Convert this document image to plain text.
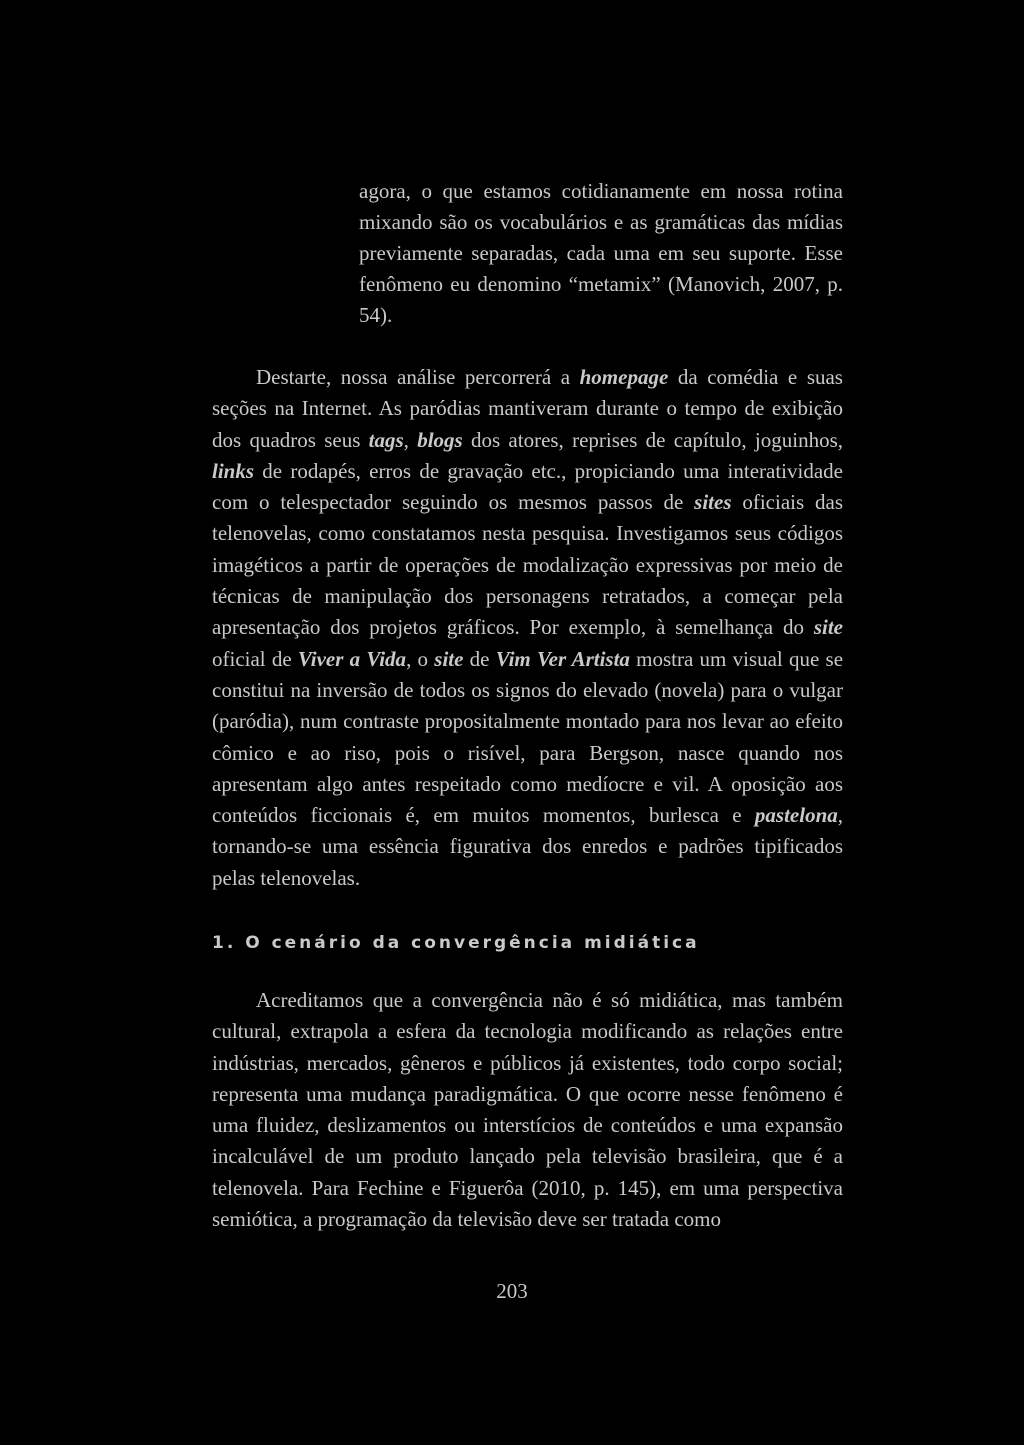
agora, o que estamos cotidianamente em nossa rotina mixando são os vocabulários e as gramáticas das mídias previamente separadas, cada uma em seu suporte. Esse fenômeno eu denomino “metamix” (Manovich, 2007, p. 54).

Destarte, nossa análise percorrerá a homepage da comédia e suas seções na Internet. As paródias mantiveram durante o tempo de exibição dos quadros seus tags, blogs dos atores, reprises de capítulo, joguinhos, links de rodapés, erros de gravação etc., propiciando uma interatividade com o telespectador seguindo os mesmos passos de sites oficiais das telenovelas, como constatamos nesta pesquisa. Investigamos seus códigos imagéticos a partir de operações de modalização expressivas por meio de técnicas de manipulação dos personagens retratados, a começar pela apresentação dos projetos gráficos. Por exemplo, à semelhança do site oficial de Viver a Vida, o site de Vim Ver Artista mostra um visual que se constitui na inversão de todos os signos do elevado (novela) para o vulgar (paródia), num contraste propositalmente montado para nos levar ao efeito cômico e ao riso, pois o risível, para Bergson, nasce quando nos apresentam algo antes respeitado como medíocre e vil. A oposição aos conteúdos ficcionais é, em muitos momentos, burlesca e pastelona, tornando-se uma essência figurativa dos enredos e padrões tipificados pelas telenovelas.

1. O cenário da convergência midiática

Acreditamos que a convergência não é só midiática, mas também cultural, extrapola a esfera da tecnologia modificando as relações entre indústrias, mercados, gêneros e públicos já existentes, todo corpo social; representa uma mudança paradigmática. O que ocorre nesse fenômeno é uma fluidez, deslizamentos ou interstícios de conteúdos e uma expansão incalculável de um produto lançado pela televisão brasileira, que é a telenovela. Para Fechine e Figuerôa (2010, p. 145), em uma perspectiva semiótica, a programação da televisão deve ser tratada como

203
